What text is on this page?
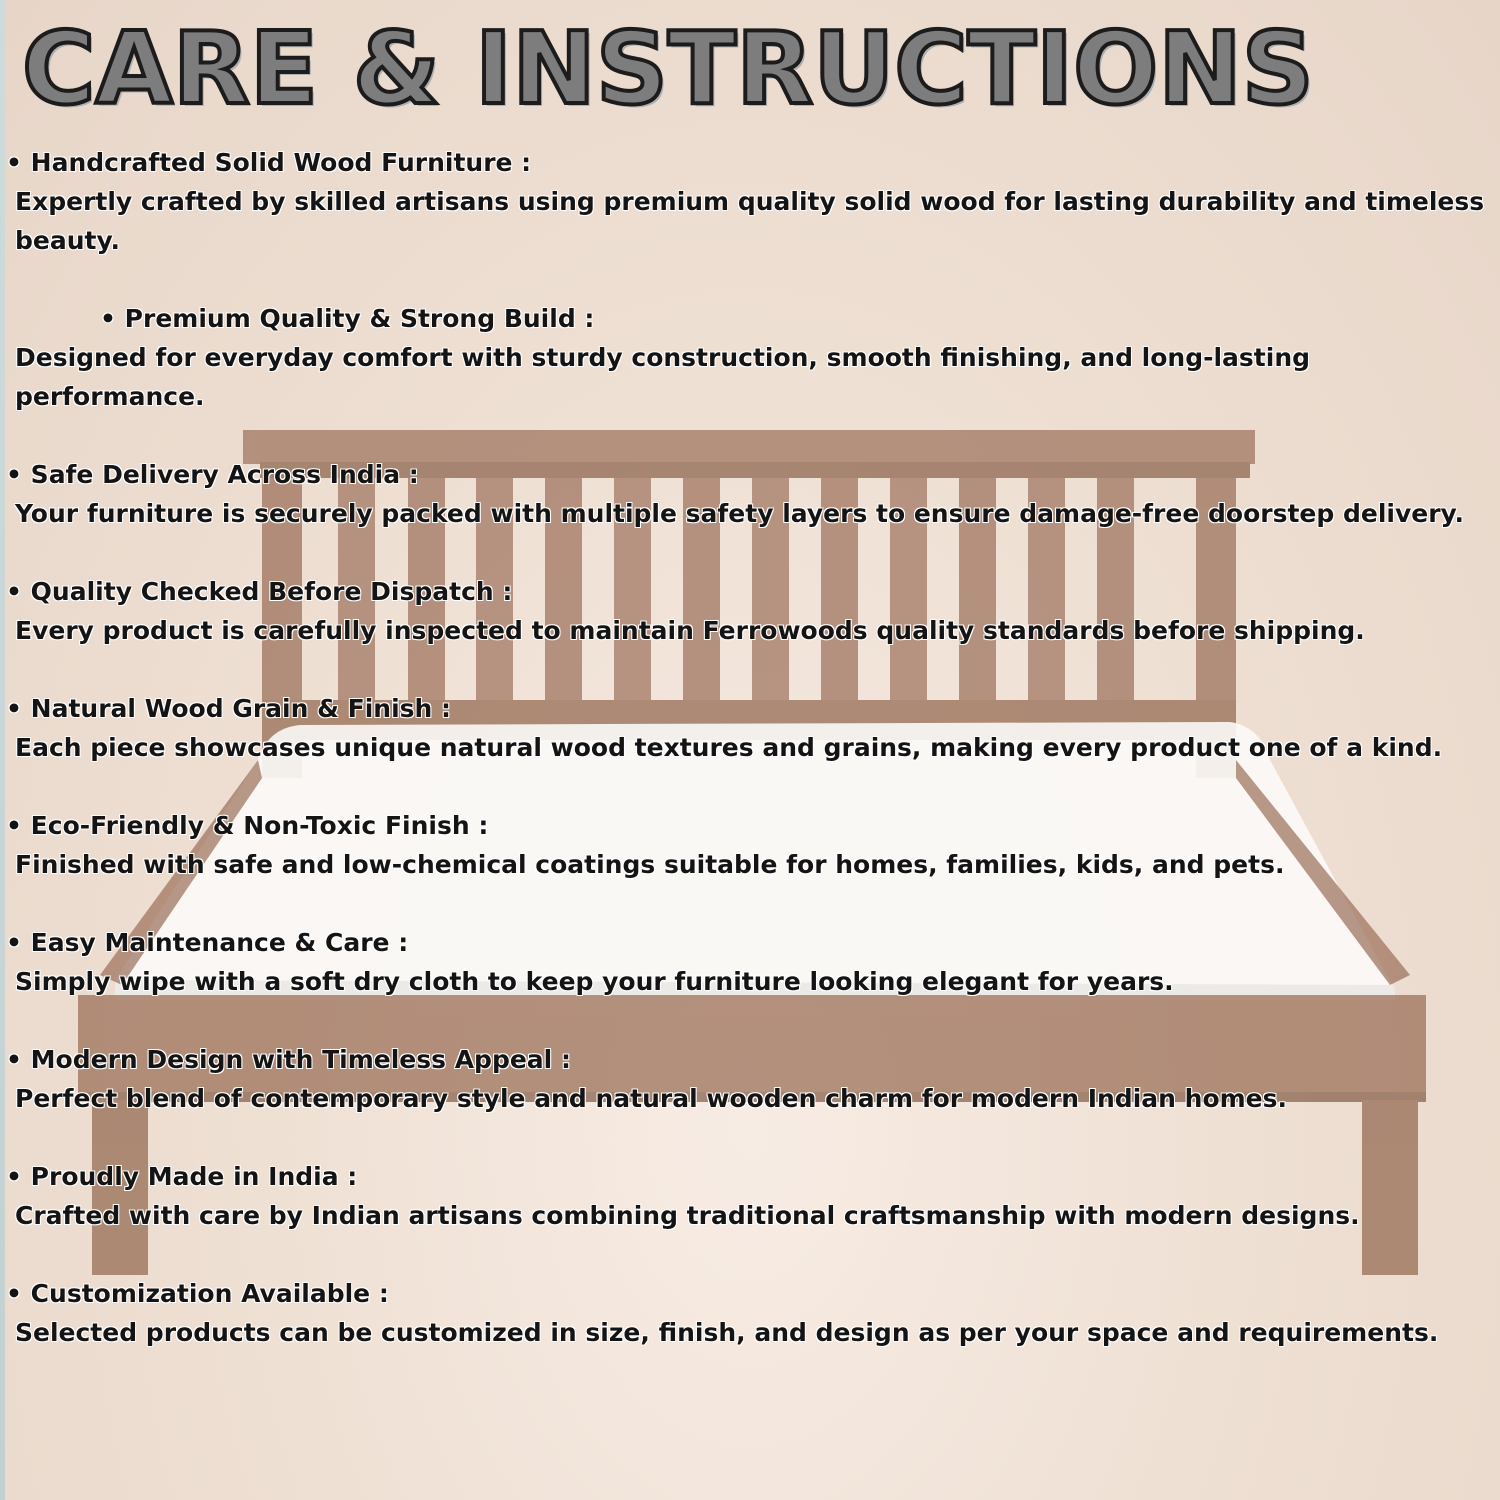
CARE & INSTRUCTIONS

• Handcrafted Solid Wood Furniture :

Expertly crafted by skilled artisans using premium quality solid wood for lasting durability and timeless beauty.

• Premium Quality & Strong Build :

Designed for everyday comfort with sturdy construction, smooth finishing, and long-lasting performance.

• Safe Delivery Across India :

Your furniture is securely packed with multiple safety layers to ensure damage-free doorstep delivery.

• Quality Checked Before Dispatch :

Every product is carefully inspected to maintain Ferrowoods quality standards before shipping.

• Natural Wood Grain & Finish :

Each piece showcases unique natural wood textures and grains, making every product one of a kind.

• Eco-Friendly & Non-Toxic Finish :

Finished with safe and low-chemical coatings suitable for homes, families, kids, and pets.

• Easy Maintenance & Care :

Simply wipe with a soft dry cloth to keep your furniture looking elegant for years.

• Modern Design with Timeless Appeal :

Perfect blend of contemporary style and natural wooden charm for modern Indian homes.

• Proudly Made in India :

Crafted with care by Indian artisans combining traditional craftsmanship with modern designs.

• Customization Available :

Selected products can be customized in size, finish, and design as per your space and requirements.
